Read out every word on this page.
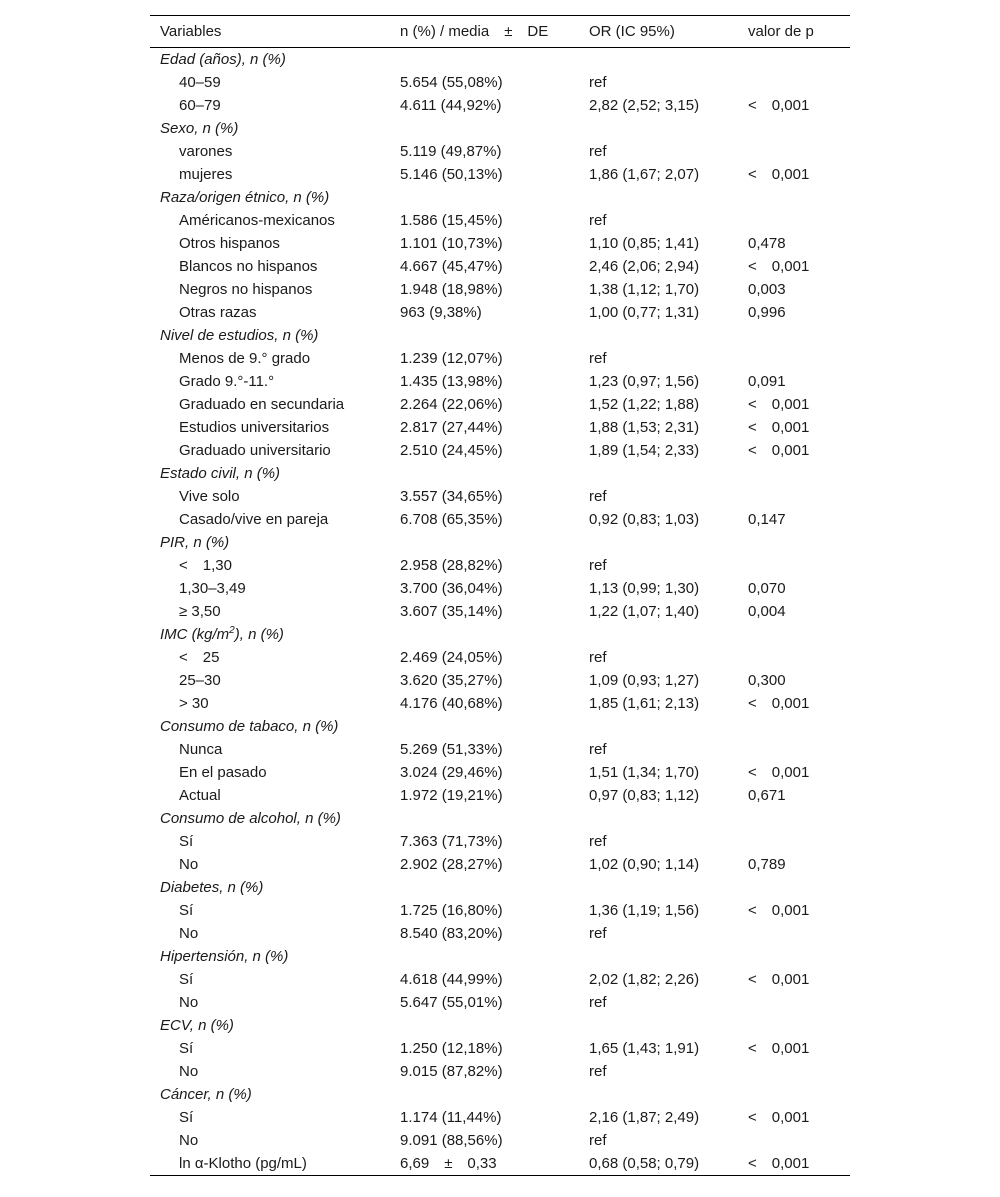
Variables	n (%) / media ± DE	OR (IC 95%)	valor de p
Edad (años), n (%)			
40–59	5.654 (55,08%)	ref	
60–79	4.611 (44,92%)	2,82 (2,52; 3,15)	< 0,001
Sexo, n (%)			
varones	5.119 (49,87%)	ref	
mujeres	5.146 (50,13%)	1,86 (1,67; 2,07)	< 0,001
Raza/origen étnico, n (%)			
Américanos-mexicanos	1.586 (15,45%)	ref	
Otros hispanos	1.101 (10,73%)	1,10 (0,85; 1,41)	0,478
Blancos no hispanos	4.667 (45,47%)	2,46 (2,06; 2,94)	< 0,001
Negros no hispanos	1.948 (18,98%)	1,38 (1,12; 1,70)	0,003
Otras razas	963 (9,38%)	1,00 (0,77; 1,31)	0,996
Nivel de estudios, n (%)			
Menos de 9.° grado	1.239 (12,07%)	ref	
Grado 9.°-11.°	1.435 (13,98%)	1,23 (0,97; 1,56)	0,091
Graduado en secundaria	2.264 (22,06%)	1,52 (1,22; 1,88)	< 0,001
Estudios universitarios	2.817 (27,44%)	1,88 (1,53; 2,31)	< 0,001
Graduado universitario	2.510 (24,45%)	1,89 (1,54; 2,33)	< 0,001
Estado civil, n (%)			
Vive solo	3.557 (34,65%)	ref	
Casado/vive en pareja	6.708 (65,35%)	0,92 (0,83; 1,03)	0,147
PIR, n (%)			
< 1,30	2.958 (28,82%)	ref	
1,30–3,49	3.700 (36,04%)	1,13 (0,99; 1,30)	0,070
≥ 3,50	3.607 (35,14%)	1,22 (1,07; 1,40)	0,004
IMC $(kg/m^2)$, n (%)			
< 25	2.469 (24,05%)	ref	
25–30	3.620 (35,27%)	1,09 (0,93; 1,27)	0,300
> 30	4.176 (40,68%)	1,85 (1,61; 2,13)	< 0,001
Consumo de tabaco, n (%)			
Nunca	5.269 (51,33%)	ref	
En el pasado	3.024 (29,46%)	1,51 (1,34; 1,70)	< 0,001
Actual	1.972 (19,21%)	0,97 (0,83; 1,12)	0,671
Consumo de alcohol, n (%)			
Sí	7.363 (71,73%)	ref	
No	2.902 (28,27%)	1,02 (0,90; 1,14)	0,789
Diabetes, n (%)			
Sí	1.725 (16,80%)	1,36 (1,19; 1,56)	< 0,001
No	8.540 (83,20%)	ref	
Hipertensión, n (%)			
Sí	4.618 (44,99%)	2,02 (1,82; 2,26)	< 0,001
No	5.647 (55,01%)	ref	
ECV, n (%)			
Sí	1.250 (12,18%)	1,65 (1,43; 1,91)	< 0,001
No	9.015 (87,82%)	ref	
Cáncer, n (%)			
Sí	1.174 (11,44%)	2,16 (1,87; 2,49)	< 0,001
No	9.091 (88,56%)	ref	
ln α-Klotho (pg/mL)	6,69 ± 0,33	0,68 (0,58; 0,79)	< 0,001
